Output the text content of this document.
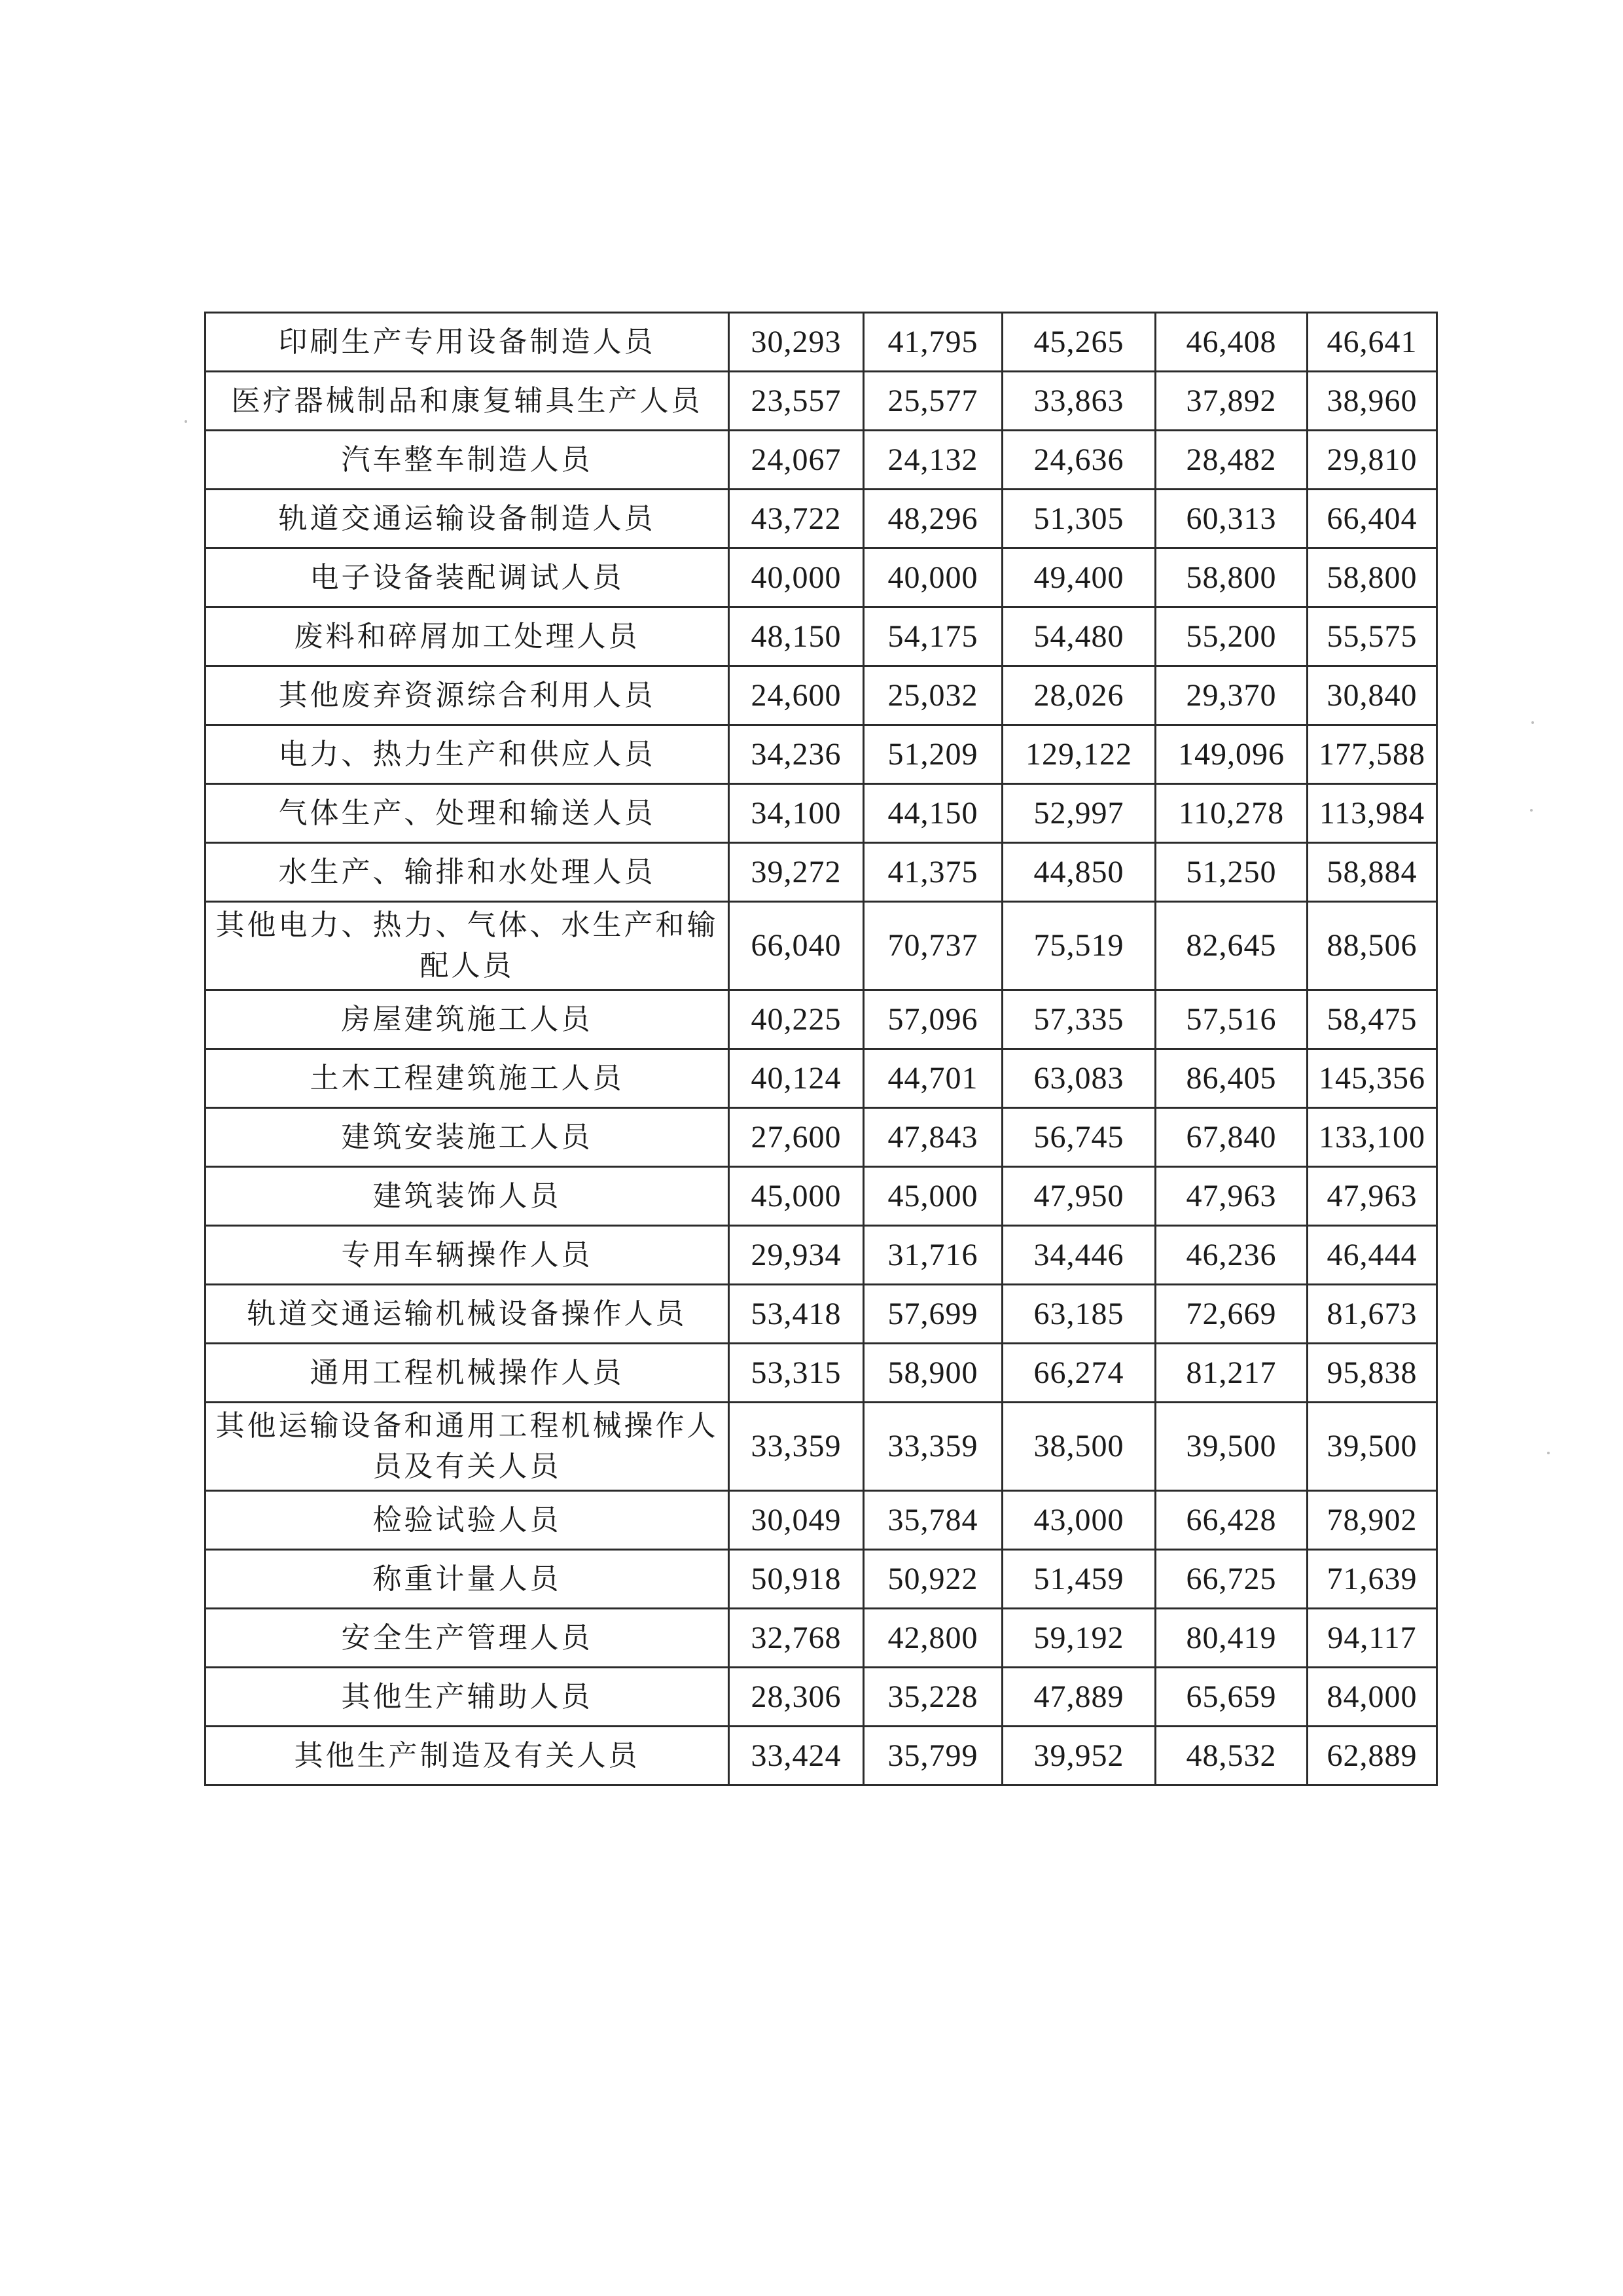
印刷生产专用设备制造人员	30,293	41,795	45,265	46,408	46,641
医疗器械制品和康复辅具生产人员	23,557	25,577	33,863	37,892	38,960
汽车整车制造人员	24,067	24,132	24,636	28,482	29,810
轨道交通运输设备制造人员	43,722	48,296	51,305	60,313	66,404
电子设备装配调试人员	40,000	40,000	49,400	58,800	58,800
废料和碎屑加工处理人员	48,150	54,175	54,480	55,200	55,575
其他废弃资源综合利用人员	24,600	25,032	28,026	29,370	30,840
电力、热力生产和供应人员	34,236	51,209	129,122	149,096	177,588
气体生产、处理和输送人员	34,100	44,150	52,997	110,278	113,984
水生产、输排和水处理人员	39,272	41,375	44,850	51,250	58,884
其他电力、热力、气体、水生产和输配人员	66,040	70,737	75,519	82,645	88,506
房屋建筑施工人员	40,225	57,096	57,335	57,516	58,475
土木工程建筑施工人员	40,124	44,701	63,083	86,405	145,356
建筑安装施工人员	27,600	47,843	56,745	67,840	133,100
建筑装饰人员	45,000	45,000	47,950	47,963	47,963
专用车辆操作人员	29,934	31,716	34,446	46,236	46,444
轨道交通运输机械设备操作人员	53,418	57,699	63,185	72,669	81,673
通用工程机械操作人员	53,315	58,900	66,274	81,217	95,838
其他运输设备和通用工程机械操作人员及有关人员	33,359	33,359	38,500	39,500	39,500
检验试验人员	30,049	35,784	43,000	66,428	78,902
称重计量人员	50,918	50,922	51,459	66,725	71,639
安全生产管理人员	32,768	42,800	59,192	80,419	94,117
其他生产辅助人员	28,306	35,228	47,889	65,659	84,000
其他生产制造及有关人员	33,424	35,799	39,952	48,532	62,889
